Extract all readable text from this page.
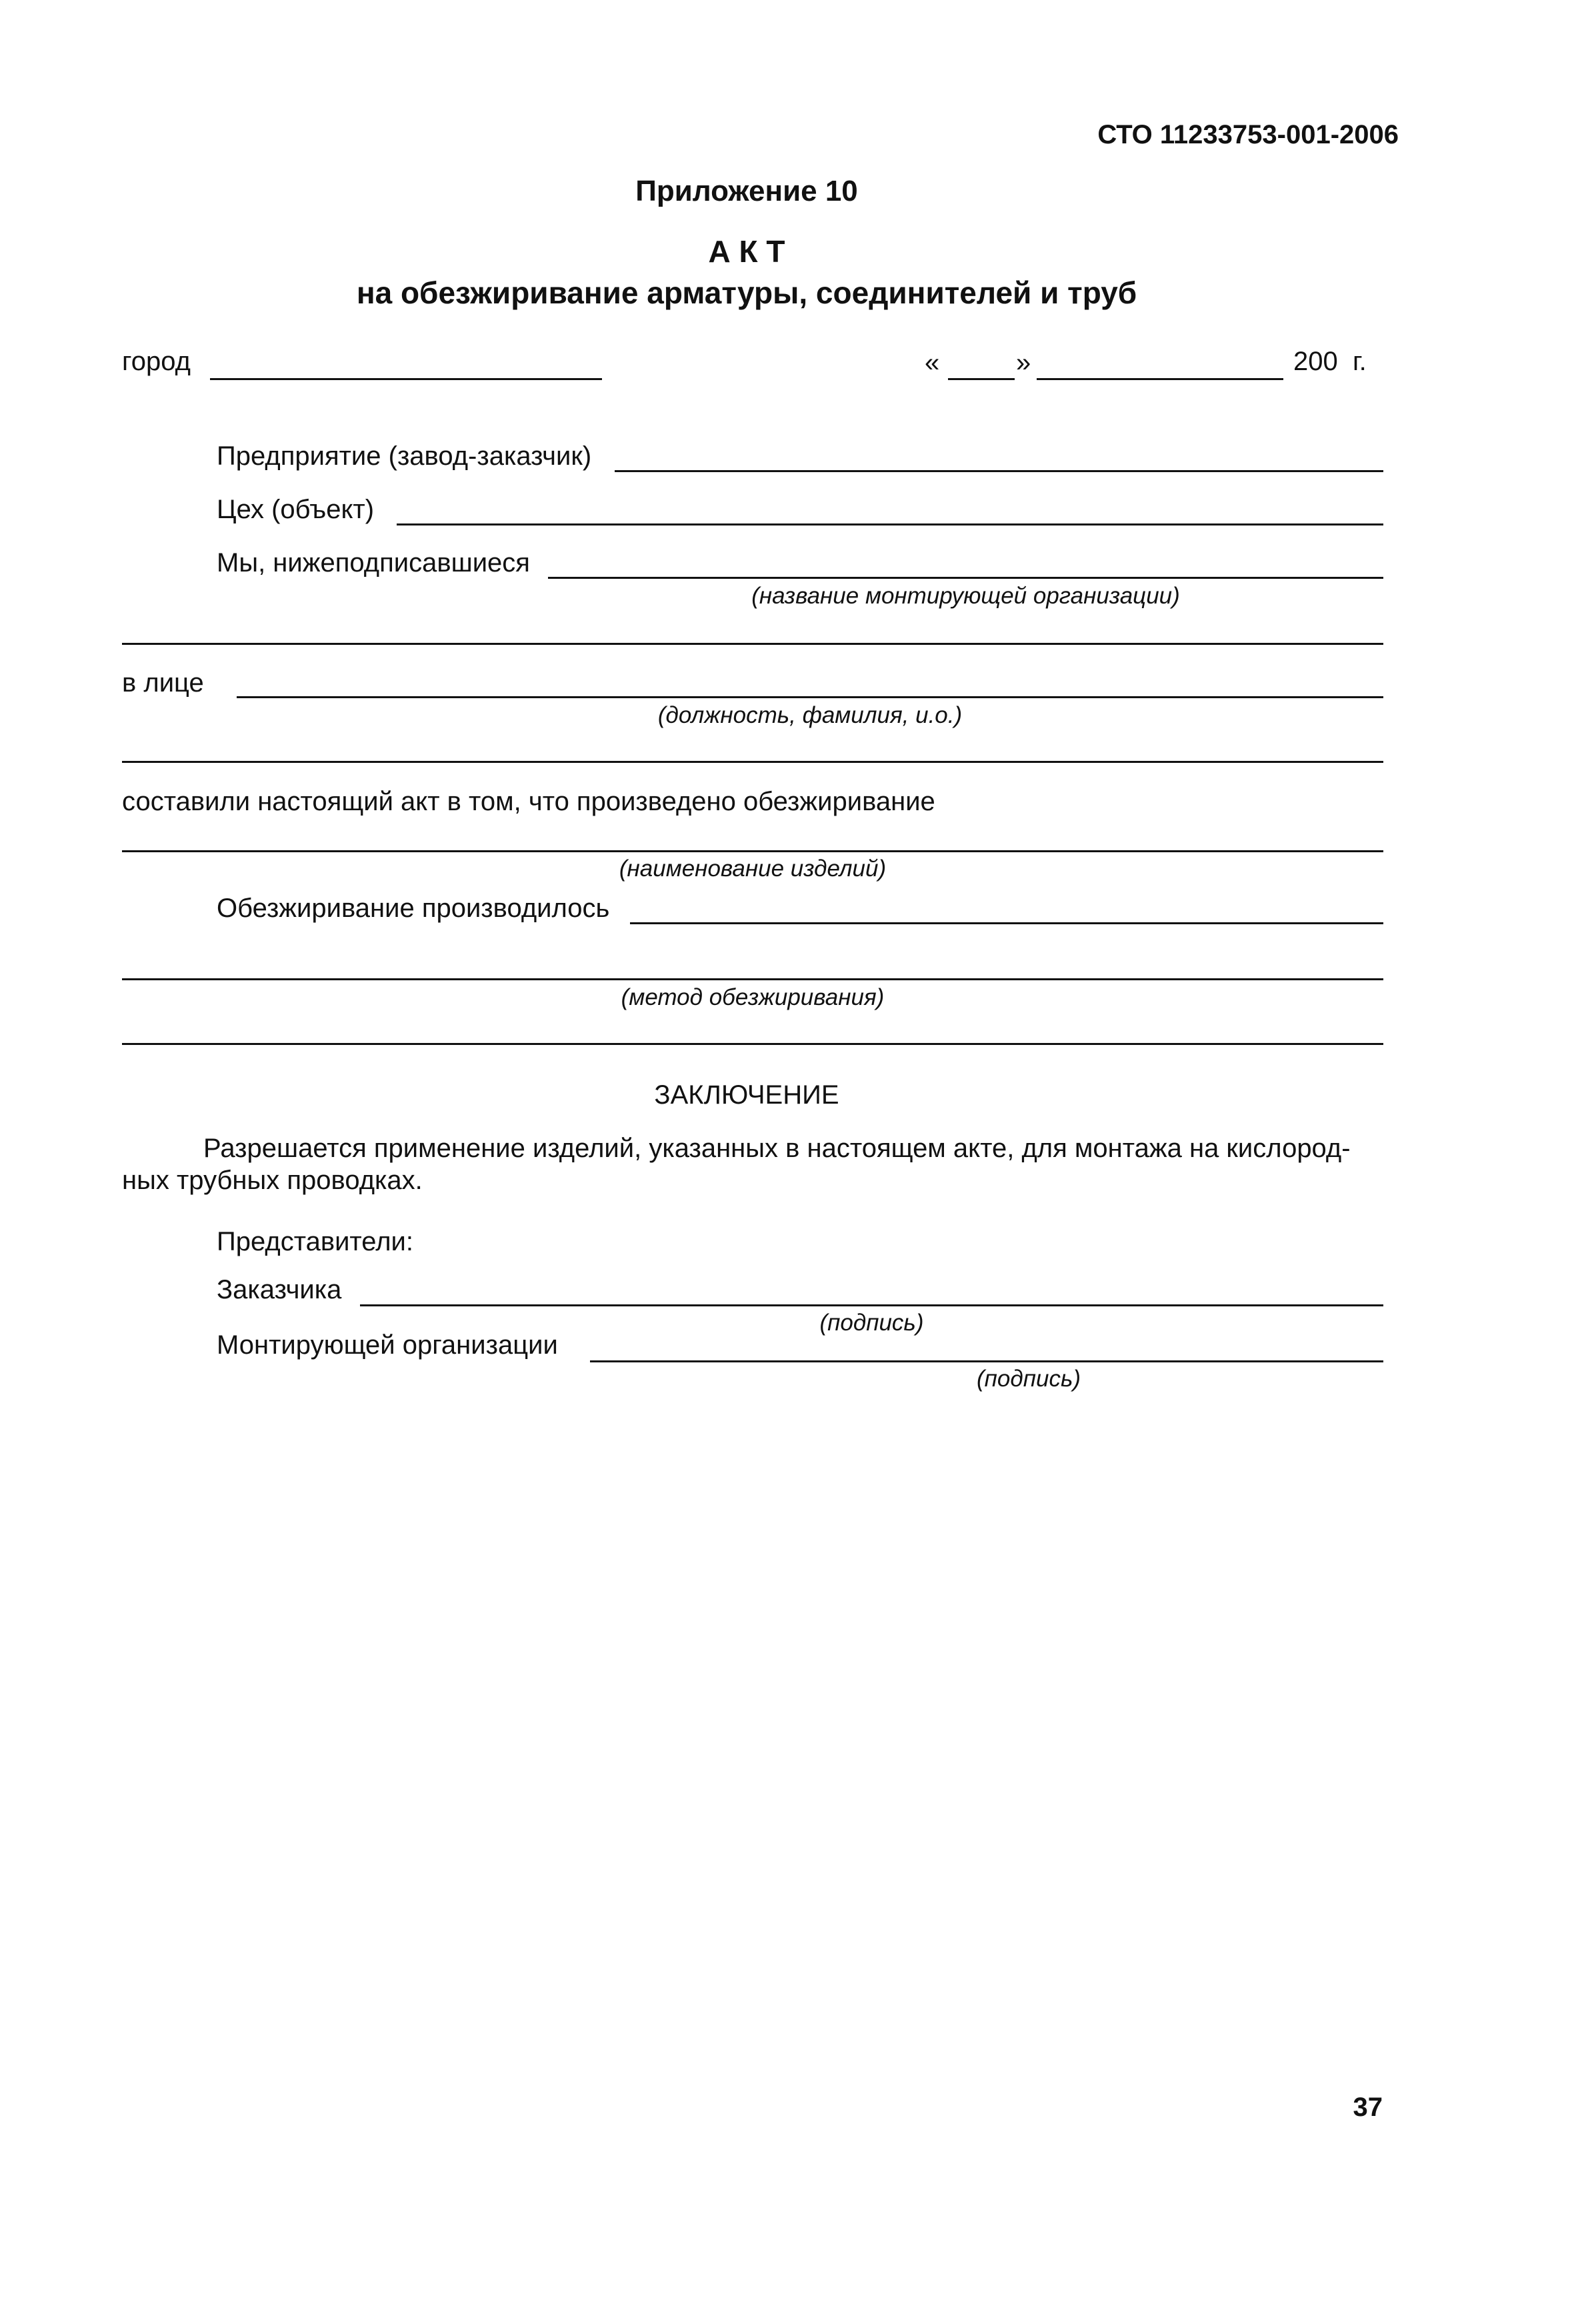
СТО 11233753-001-2006
Приложение 10
А К Т
на обезжиривание арматуры, соединителей и труб
город	«	»	200  г.
Предприятие (завод-заказчик)
Цех (объект)
Мы, нижеподписавшиеся
(название монтирующей организации)
в лице
(должность, фамилия, и.о.)
составили настоящий акт в том, что произведено обезжиривание
(наименование изделий)
Обезжиривание производилось
(метод обезжиривания)
ЗАКЛЮЧЕНИЕ
Разрешается применение изделий, указанных в настоящем акте, для монтажа на кислород-
ных трубных проводках.
Представители:
Заказчика
(подпись)
Монтирующей организации
(подпись)
37
